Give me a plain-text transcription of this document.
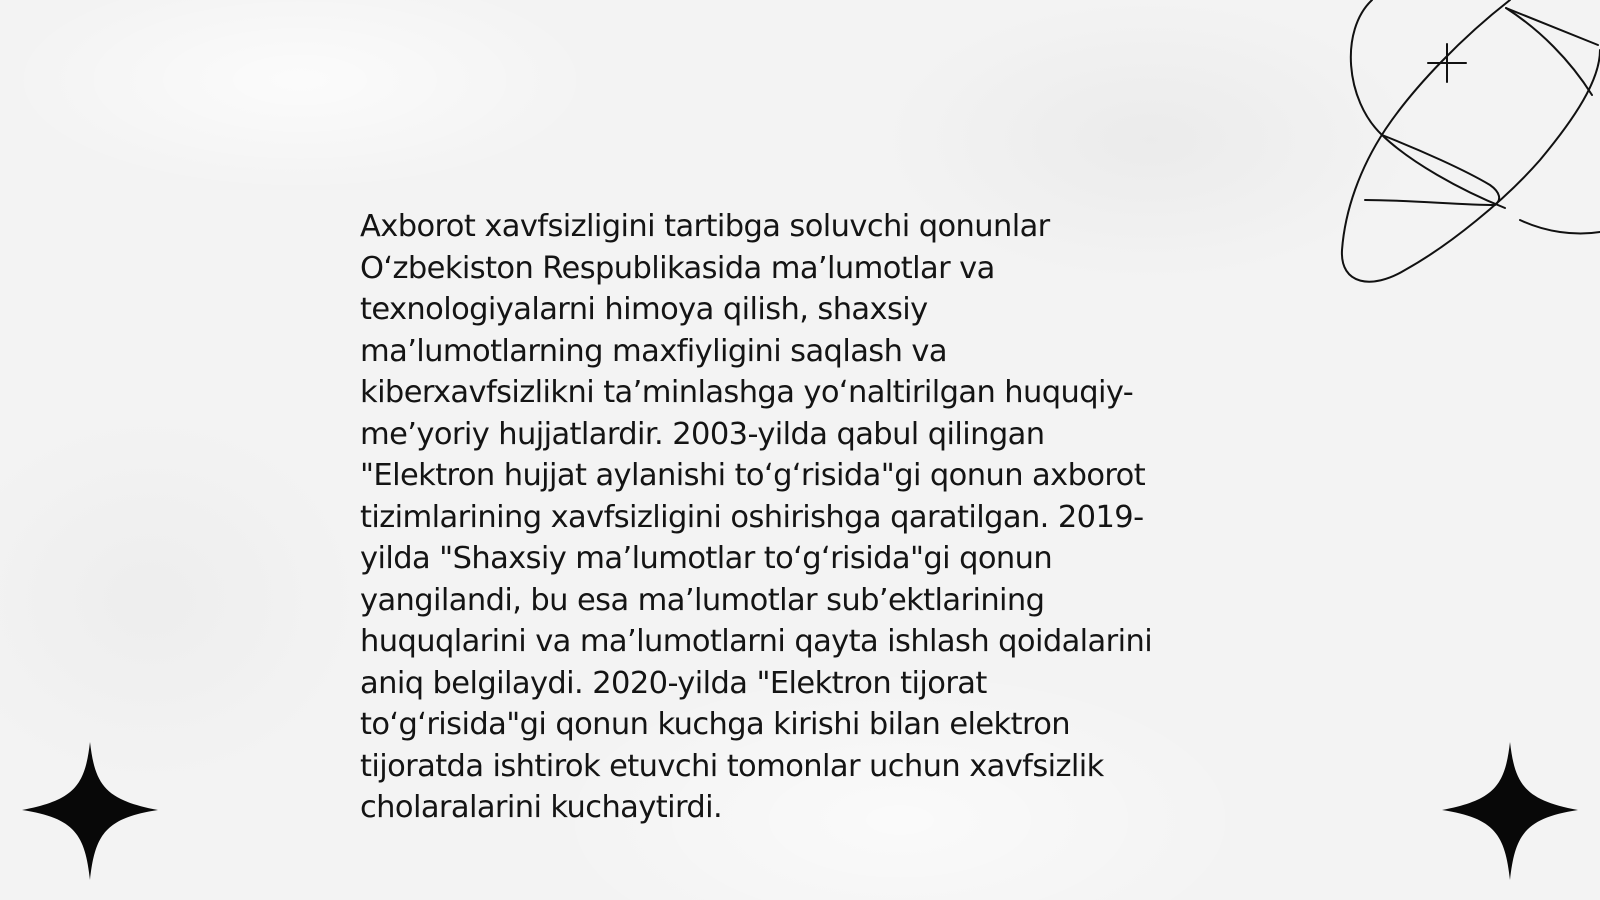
Axborot xavfsizligini tartibga soluvchi qonunlar
O‘zbekiston Respublikasida ma’lumotlar va
texnologiyalarni himoya qilish, shaxsiy
ma’lumotlarning maxfiyligini saqlash va
kiberxavfsizlikni ta’minlashga yo‘naltirilgan huquqiy-
me’yoriy hujjatlardir. 2003-yilda qabul qilingan
"Elektron hujjat aylanishi to‘g‘risida"gi qonun axborot
tizimlarining xavfsizligini oshirishga qaratilgan. 2019-
yilda "Shaxsiy ma’lumotlar to‘g‘risida"gi qonun
yangilandi, bu esa ma’lumotlar sub’ektlarining
huquqlarini va ma’lumotlarni qayta ishlash qoidalarini
aniq belgilaydi. 2020-yilda "Elektron tijorat
to‘g‘risida"gi qonun kuchga kirishi bilan elektron
tijoratda ishtirok etuvchi tomonlar uchun xavfsizlik
cholaralarini kuchaytirdi.
